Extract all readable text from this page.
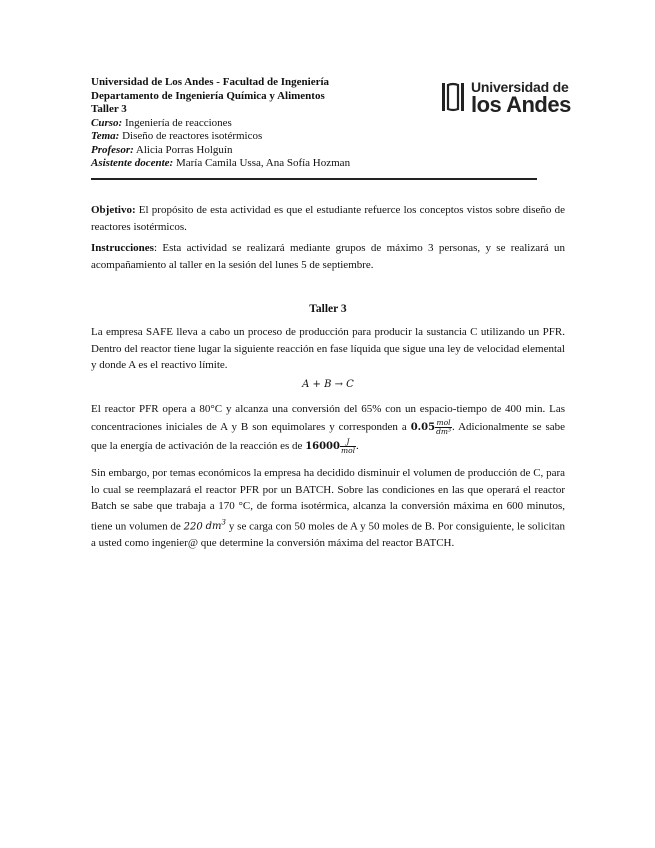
Universidad de Los Andes - Facultad de Ingeniería
Departamento de Ingeniería Química y Alimentos
Taller 3
Curso: Ingeniería de reacciones
Tema: Diseño de reactores isotérmicos
Profesor: Alicia Porras Holguín
Asistente docente: María Camila Ussa, Ana Sofía Hozman
Universidad de
los Andes
Objetivo: El propósito de esta actividad es que el estudiante refuerce los conceptos vistos sobre diseño de reactores isotérmicos.
Instrucciones: Esta actividad se realizará mediante grupos de máximo 3 personas, y se realizará un acompañamiento al taller en la sesión del lunes 5 de septiembre.
Taller 3
La empresa SAFE lleva a cabo un proceso de producción para producir la sustancia C utilizando un PFR. Dentro del reactor tiene lugar la siguiente reacción en fase líquida que sigue una ley de velocidad elemental y donde A es el reactivo límite.
A + B → C
El reactor PFR opera a 80°C y alcanza una conversión del 65% con un espacio-tiempo de 400 min. Las concentraciones iniciales de A y B son equimolares y corresponden a $0.05 \frac{\text{mol}}{\text{dm³}}$ . Adicionalmente se sabe que la energía de activación de la reacción es de $16000 \frac{J}{\text{mol}}$ .
Sin embargo, por temas económicos la empresa ha decidido disminuir el volumen de producción de C, para lo cual se reemplazará el reactor PFR por un BATCH. Sobre las condiciones en las que operará el reactor Batch se sabe que trabaja a 170 °C, de forma isotérmica, alcanza la conversión máxima en 600 minutos, tiene un volumen de 220 $dm^3$ y se carga con 50 moles de A y 50 moles de B. Por consiguiente, le solicitan a usted como ingenier@ que determine la conversión máxima del reactor BATCH.
